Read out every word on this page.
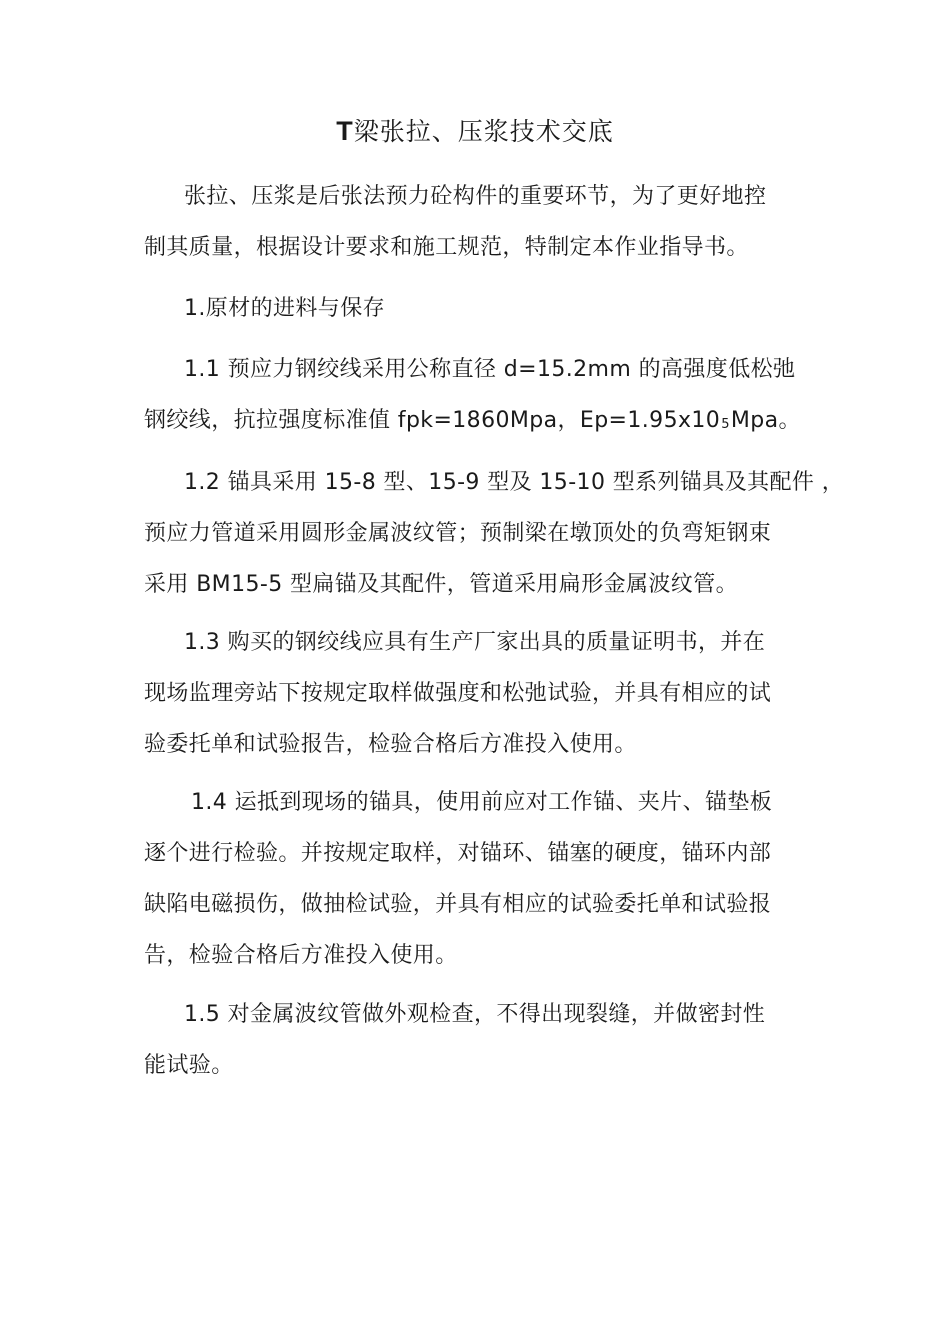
T梁张拉、压浆技术交底
张拉、压浆是后张法预力砼构件的重要环节，为了更好地控
制其质量，根据设计要求和施工规范，特制定本作业指导书。
1.原材的进料与保存
1.1 预应力钢绞线采用公称直径 d=15.2mm 的高强度低松弛
钢绞线，抗拉强度标准值 fpk=1860Mpa，$Ep=1.95x10^5Mpa$。
1.2 锚具采用 15-8 型、15-9 型及 15-10 型系列锚具及其配件 ，
预应力管道采用圆形金属波纹管；预制梁在墩顶处的负弯矩钢束
采用 BM15-5 型扁锚及其配件，管道采用扁形金属波纹管。
1.3 购买的钢绞线应具有生产厂家出具的质量证明书，并在
现场监理旁站下按规定取样做强度和松弛试验，并具有相应的试
验委托单和试验报告，检验合格后方准投入使用。
1.4 运抵到现场的锚具，使用前应对工作锚、夹片、锚垫板
逐个进行检验。并按规定取样，对锚环、锚塞的硬度，锚环内部
缺陷电磁损伤，做抽检试验，并具有相应的试验委托单和试验报
告，检验合格后方准投入使用。
1.5 对金属波纹管做外观检查，不得出现裂缝，并做密封性
能试验。
